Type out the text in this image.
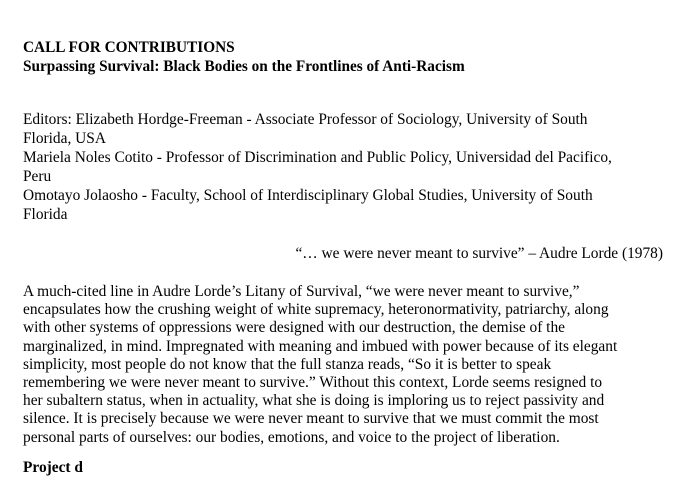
CALL FOR CONTRIBUTIONS
Surpassing Survival: Black Bodies on the Frontlines of Anti-Racism
Editors: Elizabeth Hordge-Freeman - Associate Professor of Sociology, University of South
Florida, USA
Mariela Noles Cotito - Professor of Discrimination and Public Policy, Universidad del Pacifico,
Peru
Omotayo Jolaosho - Faculty, School of Interdisciplinary Global Studies, University of South
Florida
“… we were never meant to survive” – Audre Lorde (1978)
A much-cited line in Audre Lorde’s Litany of Survival, “we were never meant to survive,”
encapsulates how the crushing weight of white supremacy, heteronormativity, patriarchy, along
with other systems of oppressions were designed with our destruction, the demise of the
marginalized, in mind. Impregnated with meaning and imbued with power because of its elegant
simplicity, most people do not know that the full stanza reads, “So it is better to speak
remembering we were never meant to survive.” Without this context, Lorde seems resigned to
her subaltern status, when in actuality, what she is doing is imploring us to reject passivity and
silence. It is precisely because we were never meant to survive that we must commit the most
personal parts of ourselves: our bodies, emotions, and voice to the project of liberation.
Project d
